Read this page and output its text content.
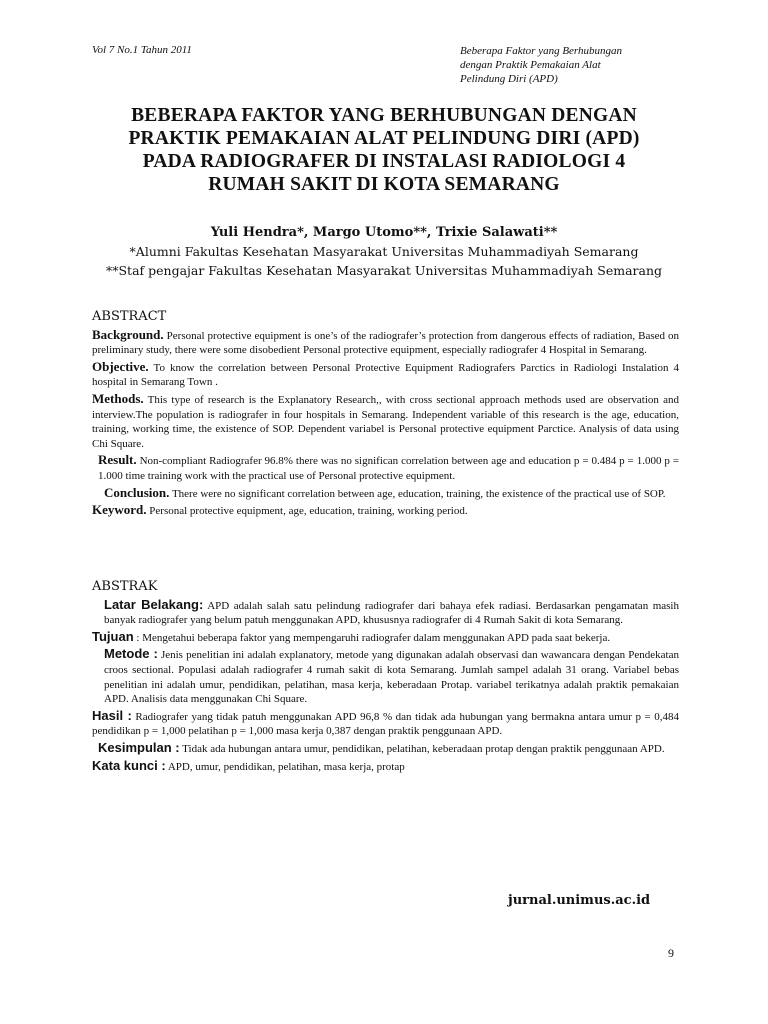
Vol 7 No.1 Tahun 2011	Beberapa Faktor yang Berhubungan
dengan Praktik Pemakaian Alat
Pelindung Diri (APD)
BEBERAPA FAKTOR YANG BERHUBUNGAN DENGAN
PRAKTIK PEMAKAIAN ALAT PELINDUNG DIRI (APD)
PADA RADIOGRAFER DI INSTALASI RADIOLOGI 4
RUMAH SAKIT DI KOTA SEMARANG
Yuli Hendra*, Margo Utomo**, Trixie Salawati**
*Alumni Fakultas Kesehatan Masyarakat Universitas Muhammadiyah Semarang
**Staf pengajar Fakultas Kesehatan Masyarakat Universitas Muhammadiyah Semarang
ABSTRACT
Background. Personal protective equipment is one’s of the radiografer’s protection from dangerous effects of radiation, Based on preliminary study, there were some disobedient Personal protective equipment, especially radiografer 4 Hospital in Semarang.
Objective. To know the correlation between Personal Protective Equipment Radiografers Parctics in Radiologi Instalation 4 hospital in Semarang Town .
Methods. This type of research is the Explanatory Research,, with cross sectional approach methods used are observation and interview.The population is radiografer in four hospitals in Semarang. Independent variable of this research is the age, education, training, working time, the existence of SOP. Dependent variabel is Personal protective equipment Parctice. Analysis of data using Chi Square.
Result. Non-compliant Radiografer 96.8% there was no significan correlation between age and education p = 0.484 p = 1.000 p = 1.000 time training work with the practical use of Personal protective equipment.
Conclusion. There were no significant correlation between age, education, training, the existence of the practical use of SOP.
Keyword. Personal protective equipment, age, education, training, working period.
ABSTRAK
Latar Belakang: APD adalah salah satu pelindung radiografer dari bahaya efek radiasi. Berdasarkan pengamatan masih banyak radiografer yang belum patuh menggunakan APD, khususnya radiografer di 4 Rumah Sakit di kota Semarang.
Tujuan : Mengetahui beberapa faktor yang mempengaruhi radiografer dalam menggunakan APD pada saat bekerja.
Metode : Jenis penelitian ini adalah explanatory, metode yang digunakan adalah observasi dan wawancara dengan Pendekatan croos sectional. Populasi adalah radiografer 4 rumah sakit di kota Semarang. Jumlah sampel adalah 31 orang. Variabel bebas penelitian ini adalah umur, pendidikan, pelatihan, masa kerja, keberadaan Protap. variabel terikatnya adalah praktik pemakaian APD. Analisis data menggunakan Chi Square.
Hasil : Radiografer yang tidak patuh menggunakan APD 96,8 % dan tidak ada hubungan yang bermakna antara umur p = 0,484 pendidikan p = 1,000 pelatihan p = 1,000 masa kerja 0,387 dengan praktik penggunaan APD.
Kesimpulan : Tidak ada hubungan antara umur, pendidikan, pelatihan, keberadaan protap dengan praktik penggunaan APD.
Kata kunci : APD, umur, pendidikan, pelatihan, masa kerja, protap
jurnal.unimus.ac.id
9
